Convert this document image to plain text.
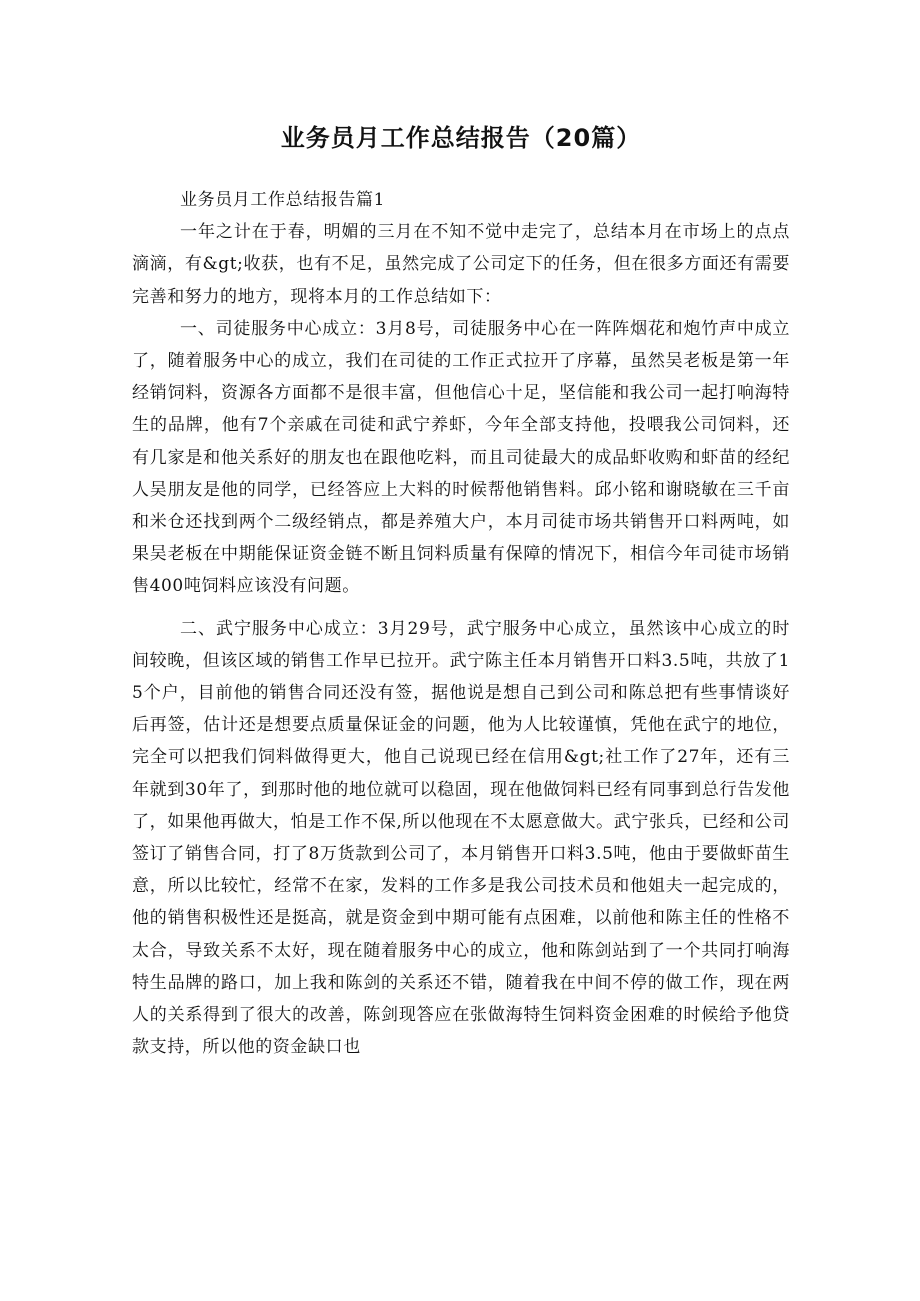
业务员月工作总结报告（20篇）

业务员月工作总结报告篇1

一年之计在于春，明媚的三月在不知不觉中走完了，总结本月在市场上的点点滴滴，有&gt;收获，也有不足，虽然完成了公司定下的任务，但在很多方面还有需要完善和努力的地方，现将本月的工作总结如下：

一、司徒服务中心成立：3月8号，司徒服务中心在一阵阵烟花和炮竹声中成立了，随着服务中心的成立，我们在司徒的工作正式拉开了序幕，虽然吴老板是第一年经销饲料，资源各方面都不是很丰富，但他信心十足，坚信能和我公司一起打响海特生的品牌，他有7个亲戚在司徒和武宁养虾，今年全部支持他，投喂我公司饲料，还有几家是和他关系好的朋友也在跟他吃料，而且司徒最大的成品虾收购和虾苗的经纪人吴朋友是他的同学，已经答应上大料的时候帮他销售料。邱小铭和谢晓敏在三千亩和米仓还找到两个二级经销点，都是养殖大户，本月司徒市场共销售开口料两吨，如果吴老板在中期能保证资金链不断且饲料质量有保障的情况下，相信今年司徒市场销售400吨饲料应该没有问题。

二、武宁服务中心成立：3月29号，武宁服务中心成立，虽然该中心成立的时间较晚，但该区域的销售工作早已拉开。武宁陈主任本月销售开口料3.5吨，共放了15个户，目前他的销售合同还没有签，据他说是想自己到公司和陈总把有些事情谈好后再签，估计还是想要点质量保证金的问题，他为人比较谨慎，凭他在武宁的地位，完全可以把我们饲料做得更大，他自己说现已经在信用&gt;社工作了27年，还有三年就到30年了，到那时他的地位就可以稳固，现在他做饲料已经有同事到总行告发他了，如果他再做大，怕是工作不保,所以他现在不太愿意做大。武宁张兵，已经和公司签订了销售合同，打了8万货款到公司了，本月销售开口料3.5吨，他由于要做虾苗生意，所以比较忙，经常不在家，发料的工作多是我公司技术员和他姐夫一起完成的，他的销售积极性还是挺高，就是资金到中期可能有点困难，以前他和陈主任的性格不太合，导致关系不太好，现在随着服务中心的成立，他和陈剑站到了一个共同打响海特生品牌的路口，加上我和陈剑的关系还不错，随着我在中间不停的做工作，现在两人的关系得到了很大的改善，陈剑现答应在张做海特生饲料资金困难的时候给予他贷款支持，所以他的资金缺口也
